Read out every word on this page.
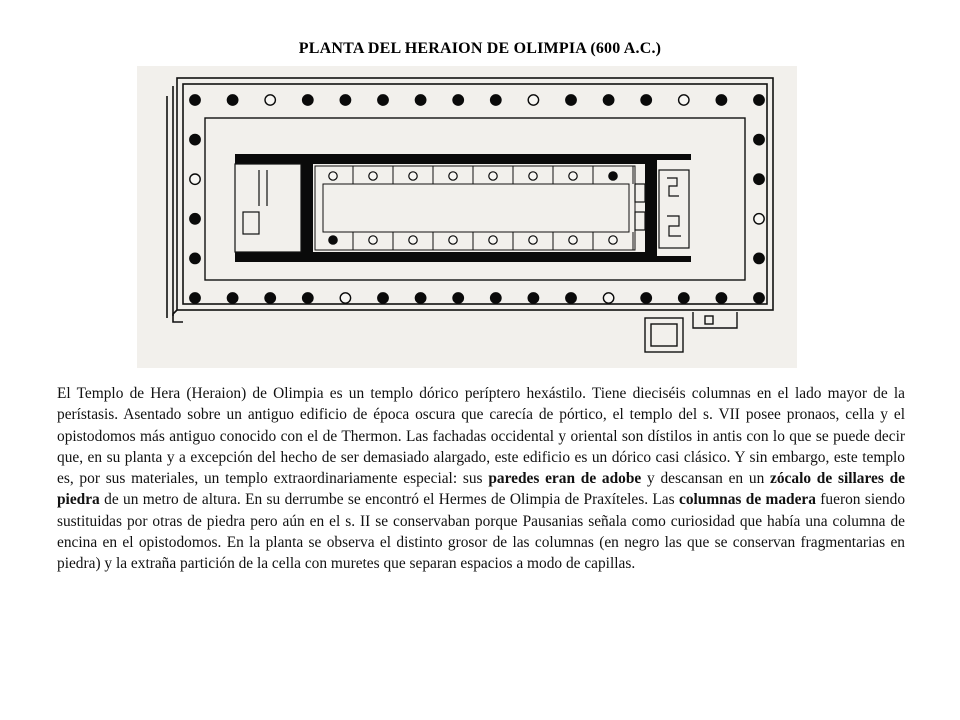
PLANTA DEL HERAION DE OLIMPIA (600 A.C.)
El Templo de Hera (Heraion) de Olimpia es un templo dórico períptero hexástilo. Tiene dieciséis columnas en el lado mayor de la perístasis. Asentado sobre un antiguo edificio de época oscura que carecía de pórtico, el templo del s. VII posee pronaos, cella y el opistodomos más antiguo conocido con el de Thermon. Las fachadas occidental y oriental son dístilos in antis con lo que se puede decir que, en su planta y a excepción del hecho de ser demasiado alargado, este edificio es un dórico casi clásico. Y sin embargo, este templo es, por sus materiales, un templo extraordinariamente especial: sus paredes eran de adobe y descansan en un zócalo de sillares de piedra de un metro de altura. En su derrumbe se encontró el Hermes de Olimpia de Praxíteles. Las columnas de madera fueron siendo sustituidas por otras de piedra pero aún en el s. II se conservaban porque Pausanias señala como curiosidad que había una columna de encina en el opistodomos. En la planta se observa el distinto grosor de las columnas (en negro las que se conservan fragmentarias en piedra) y la extraña partición de la cella con muretes que separan espacios a modo de capillas.
